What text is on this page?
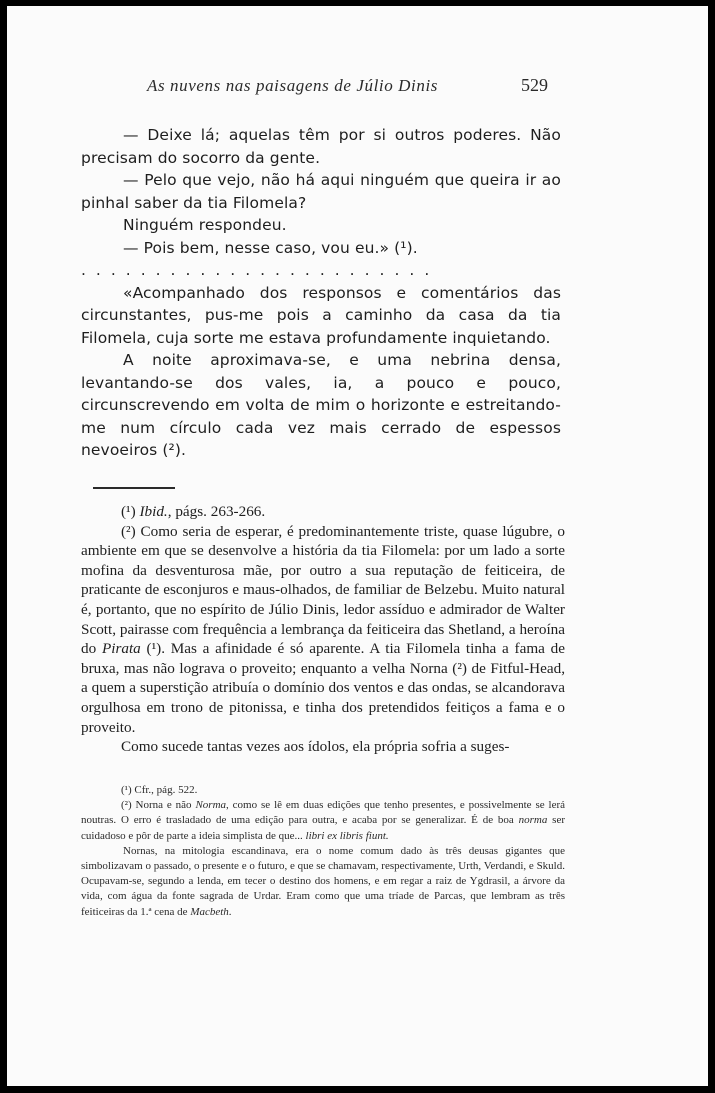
As nuvens nas paisagens de Júlio Dinis	529

— Deixe lá; aquelas têm por si outros poderes. Não precisam do socorro da gente.

— Pelo que vejo, não há aqui ninguém que queira ir ao pinhal saber da tia Filomela?

Ninguém respondeu.

— Pois bem, nesse caso, vou eu.» (¹).

........................

«Acompanhado dos responsos e comentários das circunstantes, pus-me pois a caminho da casa da tia Filomela, cuja sorte me estava profundamente inquietando.

A noite aproximava-se, e uma nebrina densa, levantando-se dos vales, ia, a pouco e pouco, circunscrevendo em volta de mim o horizonte e estreitando-me num círculo cada vez mais cerrado de espessos nevoeiros (²).

(¹) Ibid., págs. 263-266.

(²) Como seria de esperar, é predominantemente triste, quase lúgubre, o ambiente em que se desenvolve a história da tia Filomela: por um lado a sorte mofina da desventurosa mãe, por outro a sua reputação de feiticeira, de praticante de esconjuros e maus-olhados, de familiar de Belzebu. Muito natural é, portanto, que no espírito de Júlio Dinis, ledor assíduo e admirador de Walter Scott, pairasse com frequência a lembrança da feiticeira das Shetland, a heroína do Pirata (¹). Mas a afinidade é só aparente. A tia Filomela tinha a fama de bruxa, mas não lograva o proveito; enquanto a velha Norna (²) de Fitful-Head, a quem a superstição atribuía o domínio dos ventos e das ondas, se alcandorava orgulhosa em trono de pitonissa, e tinha dos pretendidos feitiços a fama e o proveito.

Como sucede tantas vezes aos ídolos, ela própria sofria a suges-

(¹) Cfr., pág. 522.

(²) Norna e não Norma, como se lê em duas edições que tenho presentes, e possivelmente se lerá noutras. O erro é trasladado de uma edição para outra, e acaba por se generalizar. É de boa norma ser cuidadoso e pôr de parte a ideia simplista de que... libri ex libris fiunt.

Nornas, na mitologia escandinava, era o nome comum dado às três deusas gigantes que simbolizavam o passado, o presente e o futuro, e que se chamavam, respectivamente, Urth, Verdandi, e Skuld. Ocupavam-se, segundo a lenda, em tecer o destino dos homens, e em regar a raiz de Ygdrasil, a árvore da vida, com água da fonte sagrada de Urdar. Eram como que uma tríade de Parcas, que lembram as três feiticeiras da 1.ª cena de Macbeth.
